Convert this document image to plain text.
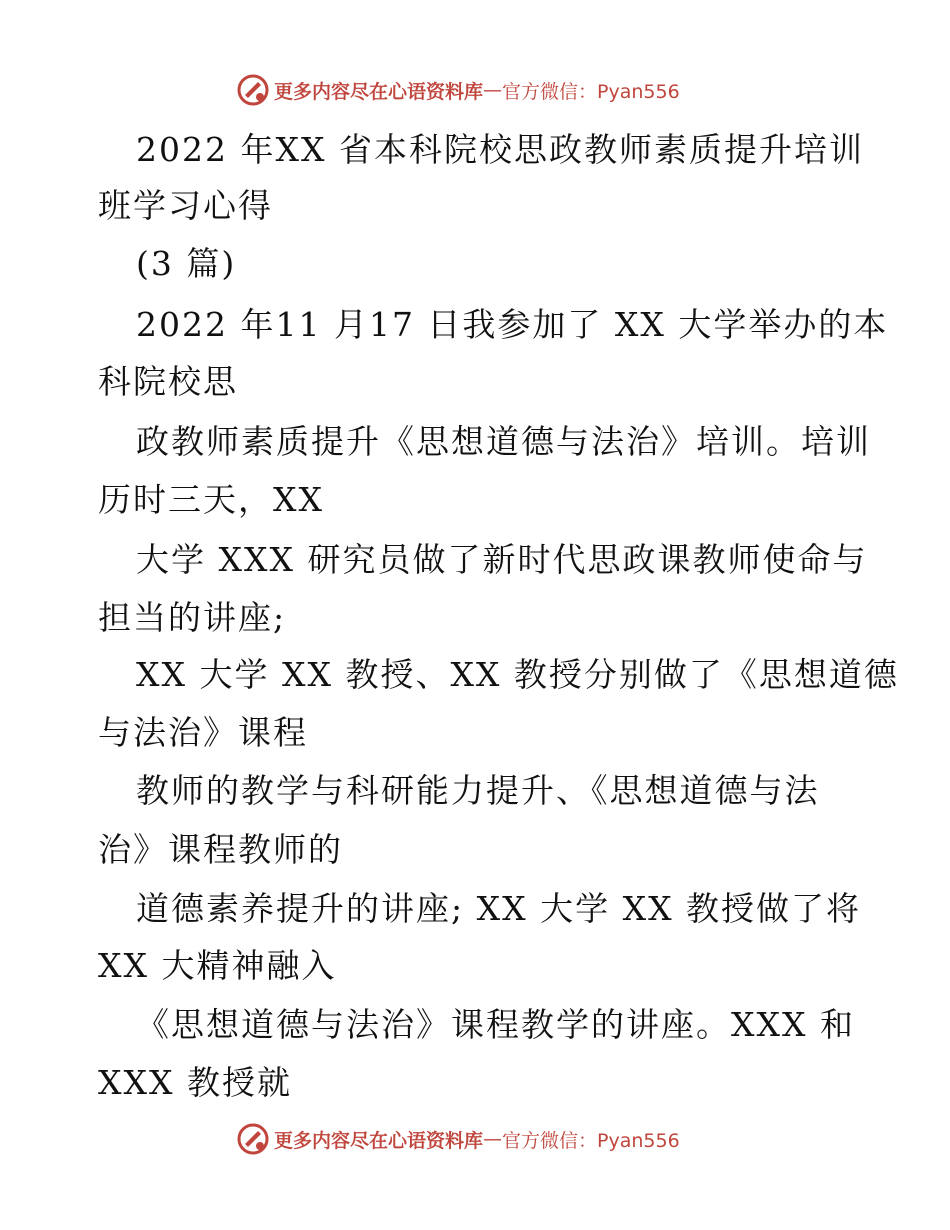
更多内容尽在心语资料库 — 官方微信：Pyan556
2022 年XX 省本科院校思政教师素质提升培训
班学习心得
(3 篇)
2022 年11 月17 日我参加了 XX 大学举办的本
科院校思
政教师素质提升《思想道德与法治》培训。培训
历时三天，XX
大学 XXX 研究员做了新时代思政课教师使命与
担当的讲座;
XX 大学 XX 教授、XX 教授分别做了《思想道德
与法治》课程
教师的教学与科研能力提升、《思想道德与法
治》课程教师的
道德素养提升的讲座; XX 大学 XX 教授做了将
XX 大精神融入
《思想道德与法治》课程教学的讲座。XXX 和
XXX 教授就
更多内容尽在心语资料库 — 官方微信：Pyan556
